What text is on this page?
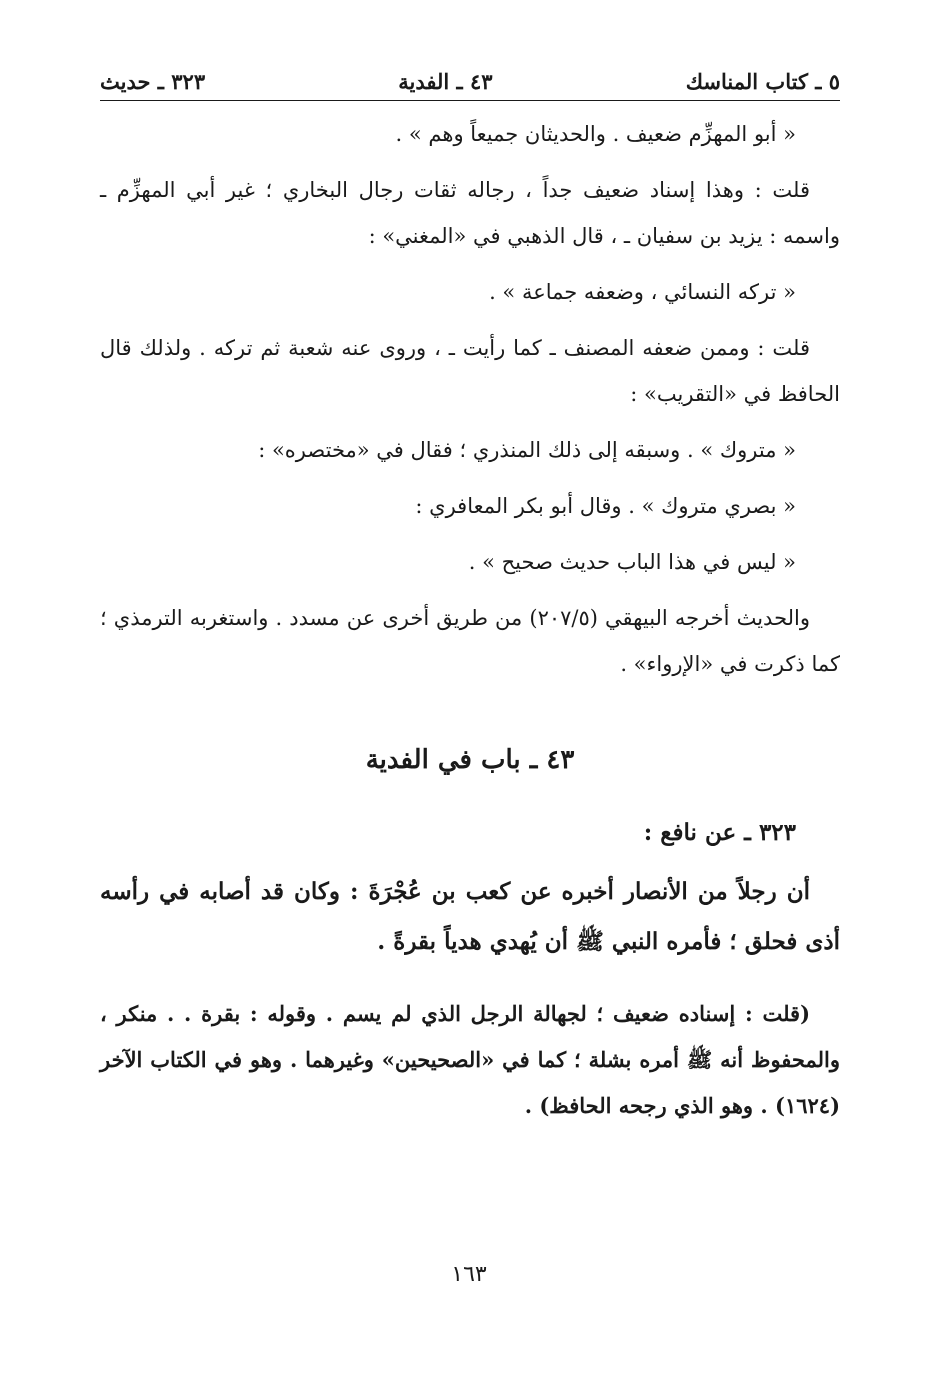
٥ ـ كتاب المناسك
٤٣ ـ الفدية
٣٢٣ ـ حديث

« أبو المهزِّم ضعيف . والحديثان جميعاً وهم » .

قلت : وهذا إسناد ضعيف جداً ، رجاله ثقات رجال البخاري ؛ غير أبي المهزِّم ـ واسمه : يزيد بن سفيان ـ ، قال الذهبي في «المغني» :

« تركه النسائي ، وضعفه جماعة » .

قلت : وممن ضعفه المصنف ـ كما رأيت ـ ، وروى عنه شعبة ثم تركه . ولذلك قال الحافظ في «التقريب» :

« متروك » . وسبقه إلى ذلك المنذري ؛ فقال في «مختصره» :

« بصري متروك » . وقال أبو بكر المعافري :

« ليس في هذا الباب حديث صحيح » .

والحديث أخرجه البيهقي (٢٠٧/٥) من طريق أخرى عن مسدد . واستغربه الترمذي ؛ كما ذكرت في «الإرواء» .

٤٣ ـ باب في الفدية

٣٢٣ ـ عن نافع :

أن رجلاً من الأنصار أخبره عن كعب بن عُجْرَةَ : وكان قد أصابه في رأسه أذى فحلق ؛ فأمره النبي ﷺ أن يُهدي هدياً بقرةً .

(قلت : إسناده ضعيف ؛ لجهالة الرجل الذي لم يسم . وقوله : بقرة . . منكر ، والمحفوظ أنه ﷺ أمره بشلة ؛ كما في «الصحيحين» وغيرهما . وهو في الكتاب الآخر (١٦٢٤) . وهو الذي رجحه الحافظ) .

١٦٣
